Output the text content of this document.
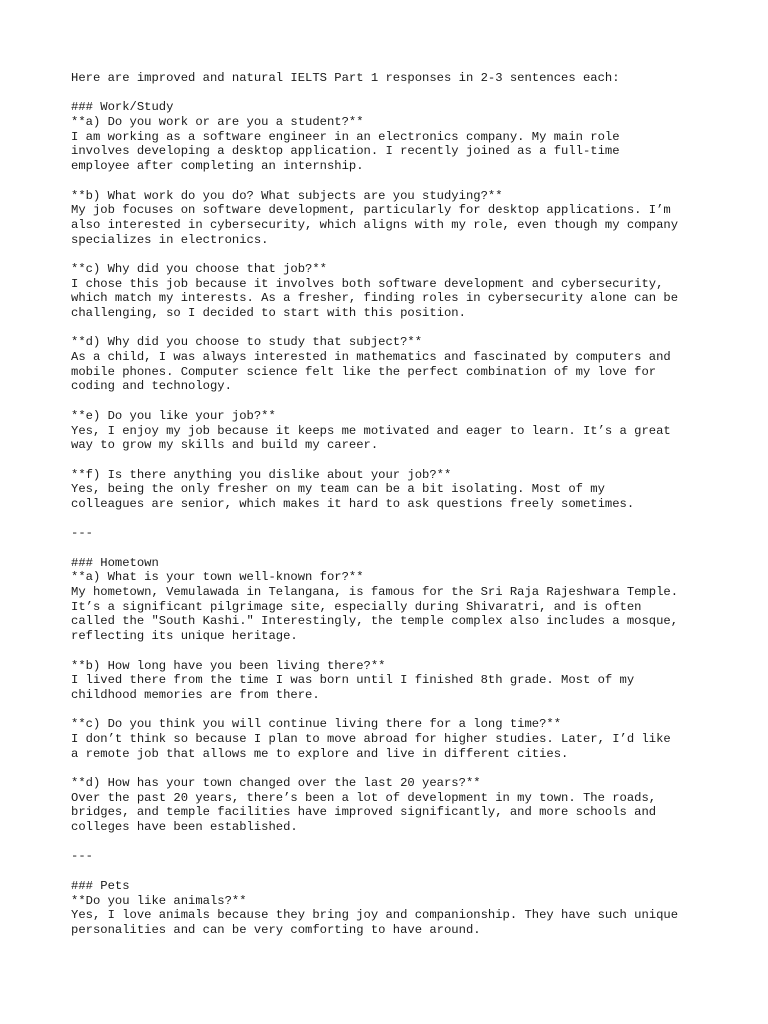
Here are improved and natural IELTS Part 1 responses in 2-3 sentences each:
### Work/Study
**a) Do you work or are you a student?**
I am working as a software engineer in an electronics company. My main role
involves developing a desktop application. I recently joined as a full-time
employee after completing an internship.
**b) What work do you do? What subjects are you studying?**
My job focuses on software development, particularly for desktop applications. I’m
also interested in cybersecurity, which aligns with my role, even though my company
specializes in electronics.
**c) Why did you choose that job?**
I chose this job because it involves both software development and cybersecurity,
which match my interests. As a fresher, finding roles in cybersecurity alone can be
challenging, so I decided to start with this position.
**d) Why did you choose to study that subject?**
As a child, I was always interested in mathematics and fascinated by computers and
mobile phones. Computer science felt like the perfect combination of my love for
coding and technology.
**e) Do you like your job?**
Yes, I enjoy my job because it keeps me motivated and eager to learn. It’s a great
way to grow my skills and build my career.
**f) Is there anything you dislike about your job?**
Yes, being the only fresher on my team can be a bit isolating. Most of my
colleagues are senior, which makes it hard to ask questions freely sometimes.
---
### Hometown
**a) What is your town well-known for?**
My hometown, Vemulawada in Telangana, is famous for the Sri Raja Rajeshwara Temple.
It’s a significant pilgrimage site, especially during Shivaratri, and is often
called the "South Kashi." Interestingly, the temple complex also includes a mosque,
reflecting its unique heritage.
**b) How long have you been living there?**
I lived there from the time I was born until I finished 8th grade. Most of my
childhood memories are from there.
**c) Do you think you will continue living there for a long time?**
I don’t think so because I plan to move abroad for higher studies. Later, I’d like
a remote job that allows me to explore and live in different cities.
**d) How has your town changed over the last 20 years?**
Over the past 20 years, there’s been a lot of development in my town. The roads,
bridges, and temple facilities have improved significantly, and more schools and
colleges have been established.
---
### Pets
**Do you like animals?**
Yes, I love animals because they bring joy and companionship. They have such unique
personalities and can be very comforting to have around.
